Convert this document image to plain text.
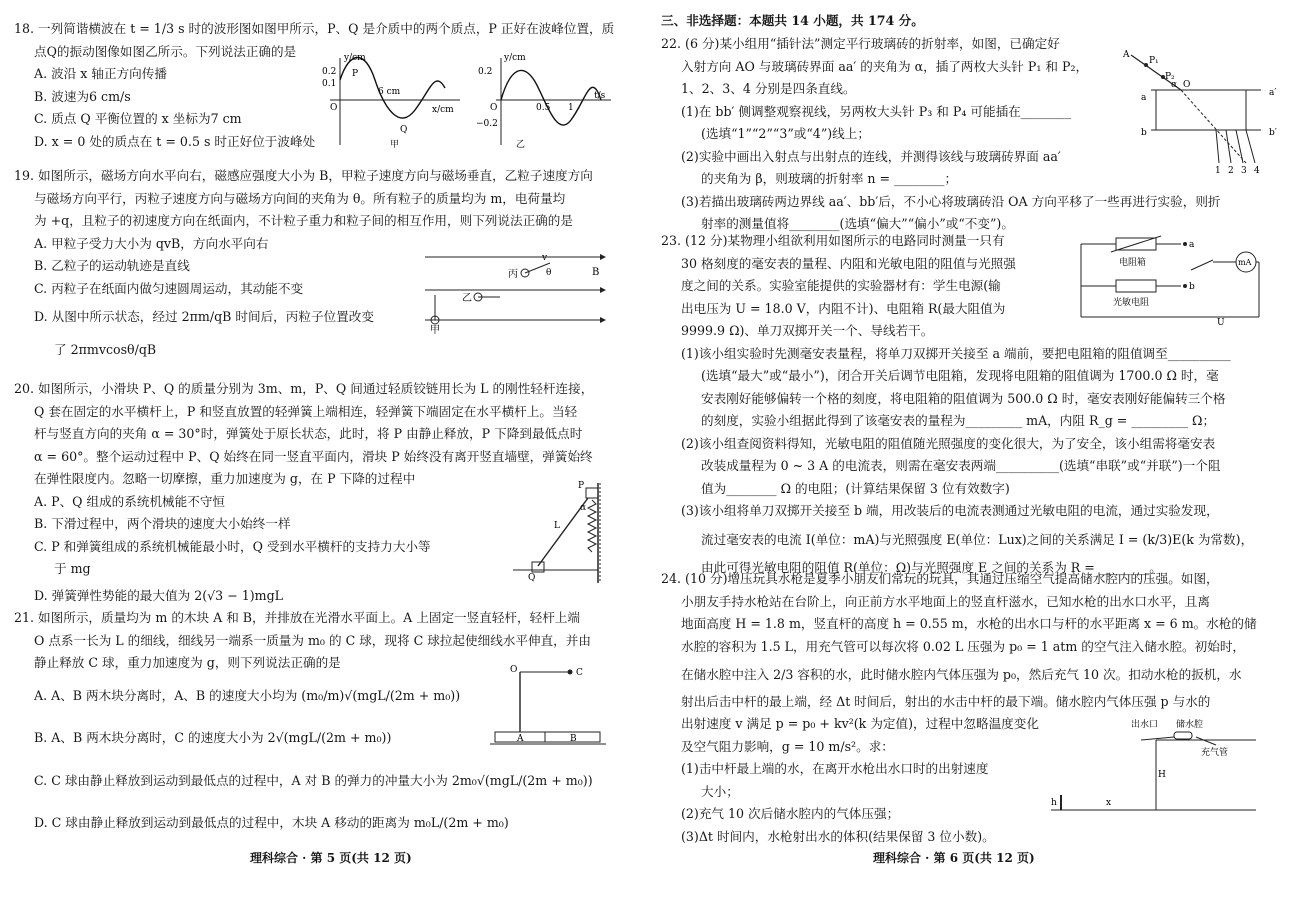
18. 一列简谐横波在 t = 1/3 s 时的波形图如图甲所示，P、Q 是介质中的两个质点，P 正好在波峰位置，质
点Q的振动图像如图乙所示。下列说法正确的是
A. 波沿 x 轴正方向传播
B. 波速为6 cm/s
C. 质点 Q 平衡位置的 x 坐标为7 cm
D. x = 0 处的质点在 t = 0.5 s 时正好位于波峰处
y/cm
0.2
0.1
O
P
Q
6 cm
x/cm
甲
y/cm
0.2
−0.2
O	0.5 1
t/s
乙
19. 如图所示，磁场方向水平向右，磁感应强度大小为 B，甲粒子速度方向与磁场垂直，乙粒子速度方向
与磁场方向平行，丙粒子速度方向与磁场方向间的夹角为 θ。所有粒子的质量均为 m，电荷量均
为 +q，且粒子的初速度方向在纸面内，不计粒子重力和粒子间的相互作用，则下列说法正确的是
A. 甲粒子受力大小为 qvB，方向水平向右
B. 乙粒子的运动轨迹是直线
C. 丙粒子在纸面内做匀速圆周运动，其动能不变
D. 从图中所示状态，经过 2πm/qB 时间后，丙粒子位置改变
了 2πmvcosθ/qB
丙
乙
甲
B
v
θ
20. 如图所示，小滑块 P、Q 的质量分别为 3m、m，P、Q 间通过轻质铰链用长为 L 的刚性轻杆连接，
Q 套在固定的水平横杆上，P 和竖直放置的轻弹簧上端相连，轻弹簧下端固定在水平横杆上。当轻
杆与竖直方向的夹角 α = 30°时，弹簧处于原长状态，此时，将 P 由静止释放，P 下降到最低点时
α = 60°。整个运动过程中 P、Q 始终在同一竖直平面内，滑块 P 始终没有离开竖直墙壁，弹簧始终
在弹性限度内。忽略一切摩擦，重力加速度为 g，在 P 下降的过程中
A. P、Q 组成的系统机械能不守恒
B. 下滑过程中，两个滑块的速度大小始终一样
C. P 和弹簧组成的系统机械能最小时，Q 受到水平横杆的支持力大小等
于 mg
D. 弹簧弹性势能的最大值为 2(√3 − 1)mgL
P
Q
L
α
21. 如图所示，质量均为 m 的木块 A 和 B，并排放在光滑水平面上。A 上固定一竖直轻杆，轻杆上端
O 点系一长为 L 的细线，细线另一端系一质量为 m₀ 的 C 球，现将 C 球拉起使细线水平伸直，并由
静止释放 C 球，重力加速度为 g，则下列说法正确的是
A. A、B 两木块分离时，A、B 的速度大小均为 (m₀/m)√(mgL/(2m + m₀))
B. A、B 两木块分离时，C 的速度大小为 2√(mgL/(2m + m₀))
C. C 球由静止释放到运动到最低点的过程中，A 对 B 的弹力的冲量大小为 2m₀√(mgL/(2m + m₀))
D. C 球由静止释放到运动到最低点的过程中，木块 A 移动的距离为 m₀L/(2m + m₀)
O	C
A	B
理科综合 · 第 5 页(共 12 页)
三、非选择题：本题共 14 小题，共 174 分。
22. (6 分)某小组用“插针法”测定平行玻璃砖的折射率，如图，已确定好
入射方向 AO 与玻璃砖界面 aa′ 的夹角为 α，插了两枚大头针 P₁ 和 P₂，
1、2、3、4 分别是四条直线。
(1)在 bb′ 侧调整观察视线，另两枚大头针 P₃ 和 P₄ 可能插在________
(选填“1”“2”“3”或“4”)线上；
(2)实验中画出入射点与出射点的连线，并测得该线与玻璃砖界面 aa′
的夹角为 β，则玻璃的折射率 n = ________；
(3)若描出玻璃砖两边界线 aa′、bb′后，不小心将玻璃砖沿 OA 方向平移了一些再进行实验，则折
射率的测量值将________(选填“偏大”“偏小”或“不变”)。
A
P₁
P₂
a
α O
a′
b	b′
1 2 3 4
23. (12 分)某物理小组欲利用如图所示的电路同时测量一只有
30 格刻度的毫安表的量程、内阻和光敏电阻的阻值与光照强
度之间的关系。实验室能提供的实验器材有：学生电源(输
出电压为 U = 18.0 V，内阻不计)、电阻箱 R(最大阻值为
9999.9 Ω)、单刀双掷开关一个、导线若干。
(1)该小组实验时先测毫安表量程，将单刀双掷开关接至 a 端前，要把电阻箱的阻值调至__________
(选填“最大”或“最小”)，闭合开关后调节电阻箱，发现将电阻箱的阻值调为 1700.0 Ω 时，毫
安表刚好能够偏转一个格的刻度，将电阻箱的阻值调为 500.0 Ω 时，毫安表刚好能偏转三个格
的刻度，实验小组据此得到了该毫安表的量程为_________ mA，内阻 R_g = _________ Ω；
(2)该小组查阅资料得知，光敏电阻的阻值随光照强度的变化很大，为了安全，该小组需将毫安表
改装成量程为 0 ~ 3 A 的电流表，则需在毫安表两端__________(选填“串联”或“并联”)一个阻
值为________ Ω 的电阻；(计算结果保留 3 位有效数字)
(3)该小组将单刀双掷开关接至 b 端，用改装后的电流表测通过光敏电阻的电流，通过实验发现，
流过毫安表的电流 I(单位：mA)与光照强度 E(单位：Lux)之间的关系满足 I = (k/3)E(k 为常数)，
由此可得光敏电阻的阻值 R(单位：Ω)与光照强度 E 之间的关系为 R = ________。
电阻箱
光敏电阻
a
b
mA
U
24. (10 分)增压玩具水枪是夏季小朋友们常玩的玩具，其通过压缩空气提高储水腔内的压强。如图，
小朋友手持水枪站在台阶上，向正前方水平地面上的竖直杆滋水，已知水枪的出水口水平，且离
地面高度 H = 1.8 m，竖直杆的高度 h = 0.55 m，水枪的出水口与杆的水平距离 x = 6 m。水枪的储
水腔的容积为 1.5 L，用充气管可以每次将 0.02 L 压强为 p₀ = 1 atm 的空气注入储水腔。初始时，
在储水腔中注入 2/3 容积的水，此时储水腔内气体压强为 p₀，然后充气 10 次。扣动水枪的扳机，水
射出后击中杆的最上端，经 Δt 时间后，射出的水击中杆的最下端。储水腔内气体压强 p 与水的
出射速度 v 满足 p = p₀ + kv²(k 为定值)，过程中忽略温度变化
及空气阻力影响，g = 10 m/s²。求：
(1)击中杆最上端的水，在离开水枪出水口时的出射速度
大小；
(2)充气 10 次后储水腔内的气体压强；
(3)Δt 时间内，水枪射出水的体积(结果保留 3 位小数)。
出水口 储水腔
充气管
H
h	x
理科综合 · 第 6 页(共 12 页)
